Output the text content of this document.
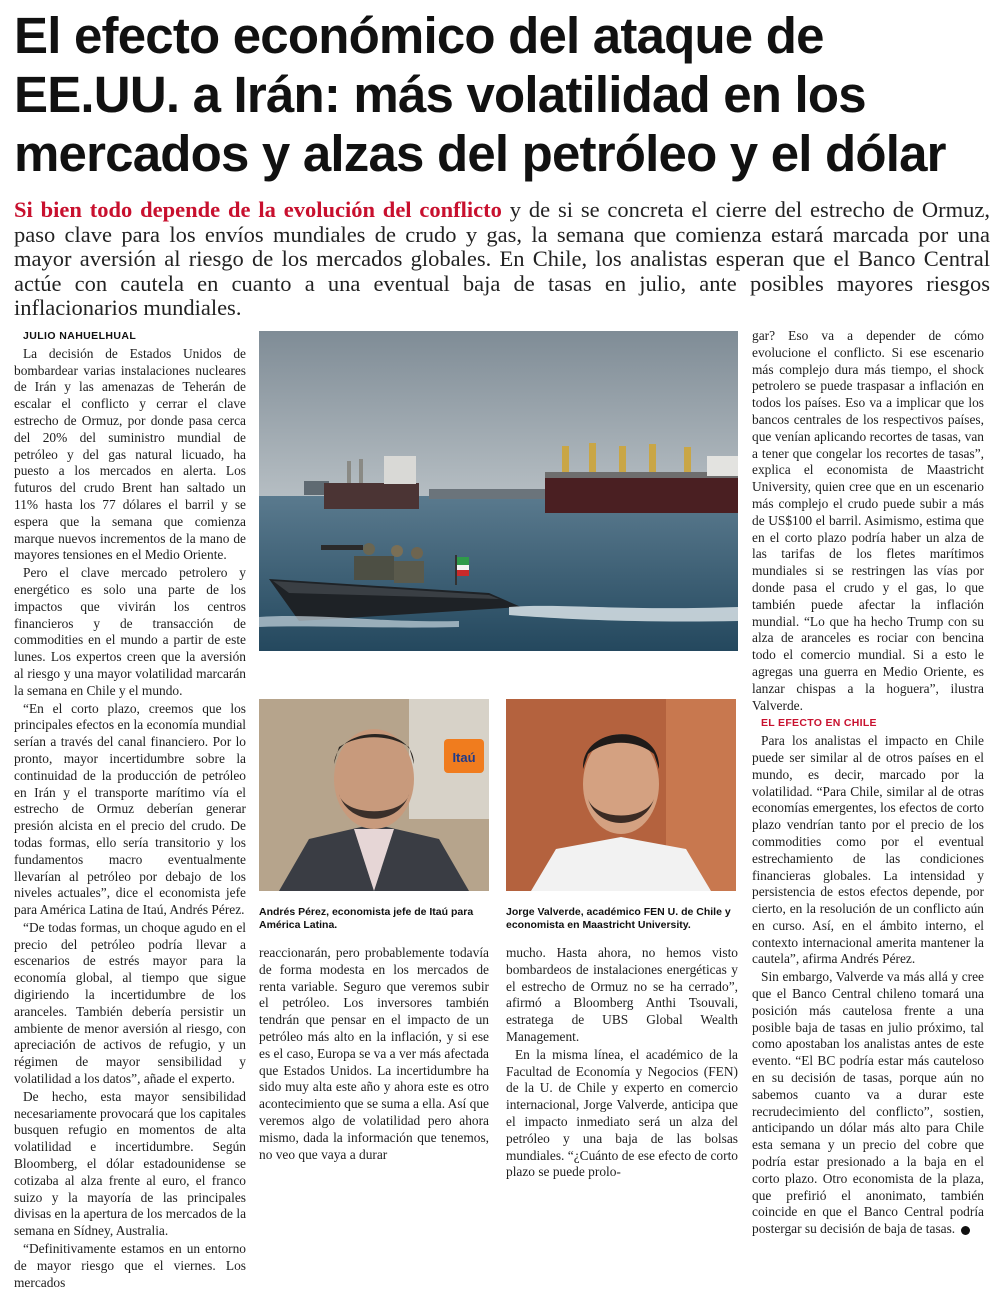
El efecto económico del ataque de EE.UU. a Irán: más volatilidad en los mercados y alzas del petróleo y el dólar

Si bien todo depende de la evolución del conflicto y de si se concreta el cierre del estrecho de Ormuz, paso clave para los envíos mundiales de crudo y gas, la semana que comienza estará marcada por una mayor aversión al riesgo de los mercados globales. En Chile, los analistas esperan que el Banco Central actúe con cautela en cuanto a una eventual baja de tasas en julio, ante posibles mayores riesgos inflacionarios mundiales.

JULIO NAHUELHUAL

La decisión de Estados Unidos de bombardear varias instalaciones nucleares de Irán y las amenazas de Teherán de escalar el conflicto y cerrar el clave estrecho de Ormuz, por donde pasa cerca del 20% del suministro mundial de petróleo y del gas natural licuado, ha puesto a los mercados en alerta. Los futuros del crudo Brent han saltado un 11% hasta los 77 dólares el barril y se espera que la semana que comienza marque nuevos incrementos de la mano de mayores tensiones en el Medio Oriente.

Pero el clave mercado petrolero y energético es solo una parte de los impactos que vivirán los centros financieros y de transacción de commodities en el mundo a partir de este lunes. Los expertos creen que la aversión al riesgo y una mayor volatilidad marcarán la semana en Chile y el mundo.

“En el corto plazo, creemos que los principales efectos en la economía mundial serían a través del canal financiero. Por lo pronto, mayor incertidumbre sobre la continuidad de la producción de petróleo en Irán y el transporte marítimo vía el estrecho de Ormuz deberían generar presión alcista en el precio del crudo. De todas formas, ello sería transitorio y los fundamentos macro eventualmente llevarían al petróleo por debajo de los niveles actuales”, dice el economista jefe para América Latina de Itaú, Andrés Pérez.

“De todas formas, un choque agudo en el precio del petróleo podría llevar a escenarios de estrés mayor para la economía global, al tiempo que sigue digiriendo la incertidumbre de los aranceles. También debería persistir un ambiente de menor aversión al riesgo, con apreciación de activos de refugio, y un régimen de mayor sensibilidad y volatilidad a los datos”, añade el experto.

De hecho, esta mayor sensibilidad necesariamente provocará que los capitales busquen refugio en momentos de alta volatilidad e incertidumbre. Según Bloomberg, el dólar estadounidense se cotizaba al alza frente al euro, el franco suizo y la mayoría de las principales divisas en la apertura de los mercados de la semana en Sídney, Australia.

“Definitivamente estamos en un entorno de mayor riesgo que el viernes. Los mercados

Itaú
Andrés Pérez, economista jefe de Itaú para América Latina.
Jorge Valverde, académico FEN U. de Chile y economista en Maastricht University.

reaccionarán, pero probablemente todavía de forma modesta en los mercados de renta variable. Seguro que veremos subir el petróleo. Los inversores también tendrán que pensar en el impacto de un petróleo más alto en la inflación, y si ese es el caso, Europa se va a ver más afectada que Estados Unidos. La incertidumbre ha sido muy alta este año y ahora este es otro acontecimiento que se suma a ella. Así que veremos algo de volatilidad pero ahora mismo, dada la información que tenemos, no veo que vaya a durar

mucho. Hasta ahora, no hemos visto bombardeos de instalaciones energéticas y el estrecho de Ormuz no se ha cerrado”, afirmó a Bloomberg Anthi Tsouvali, estratega de UBS Global Wealth Management.

En la misma línea, el académico de la Facultad de Economía y Negocios (FEN) de la U. de Chile y experto en comercio internacional, Jorge Valverde, anticipa que el impacto inmediato será un alza del petróleo y una baja de las bolsas mundiales. “¿Cuánto de ese efecto de corto plazo se puede prolo-

gar? Eso va a depender de cómo evolucione el conflicto. Si ese escenario más complejo dura más tiempo, el shock petrolero se puede traspasar a inflación en todos los países. Eso va a implicar que los bancos centrales de los respectivos países, que venían aplicando recortes de tasas, van a tener que congelar los recortes de tasas”, explica el economista de Maastricht University, quien cree que en un escenario más complejo el crudo puede subir a más de US$100 el barril. Asimismo, estima que en el corto plazo podría haber un alza de las tarifas de los fletes marítimos mundiales si se restringen las vías por donde pasa el crudo y el gas, lo que también puede afectar la inflación mundial. “Lo que ha hecho Trump con su alza de aranceles es rociar con bencina todo el comercio mundial. Si a esto le agregas una guerra en Medio Oriente, es lanzar chispas a la hoguera”, ilustra Valverde.

EL EFECTO EN CHILE

Para los analistas el impacto en Chile puede ser similar al de otros países en el mundo, es decir, marcado por la volatilidad. “Para Chile, similar al de otras economías emergentes, los efectos de corto plazo vendrían tanto por el precio de los commodities como por el eventual estrechamiento de las condiciones financieras globales. La intensidad y persistencia de estos efectos depende, por cierto, en la resolución de un conflicto aún en curso. Así, en el ámbito interno, el contexto internacional amerita mantener la cautela”, afirma Andrés Pérez.

Sin embargo, Valverde va más allá y cree que el Banco Central chileno tomará una posición más cautelosa frente a una posible baja de tasas en julio próximo, tal como apostaban los analistas antes de este evento. “El BC podría estar más cauteloso en su decisión de tasas, porque aún no sabemos cuanto va a durar este recrudecimiento del conflicto”, sostien, anticipando un dólar más alto para Chile esta semana y un precio del cobre que podría estar presionado a la baja en el corto plazo. Otro economista de la plaza, que prefirió el anonimato, también coincide en que el Banco Central podría postergar su decisión de baja de tasas.
